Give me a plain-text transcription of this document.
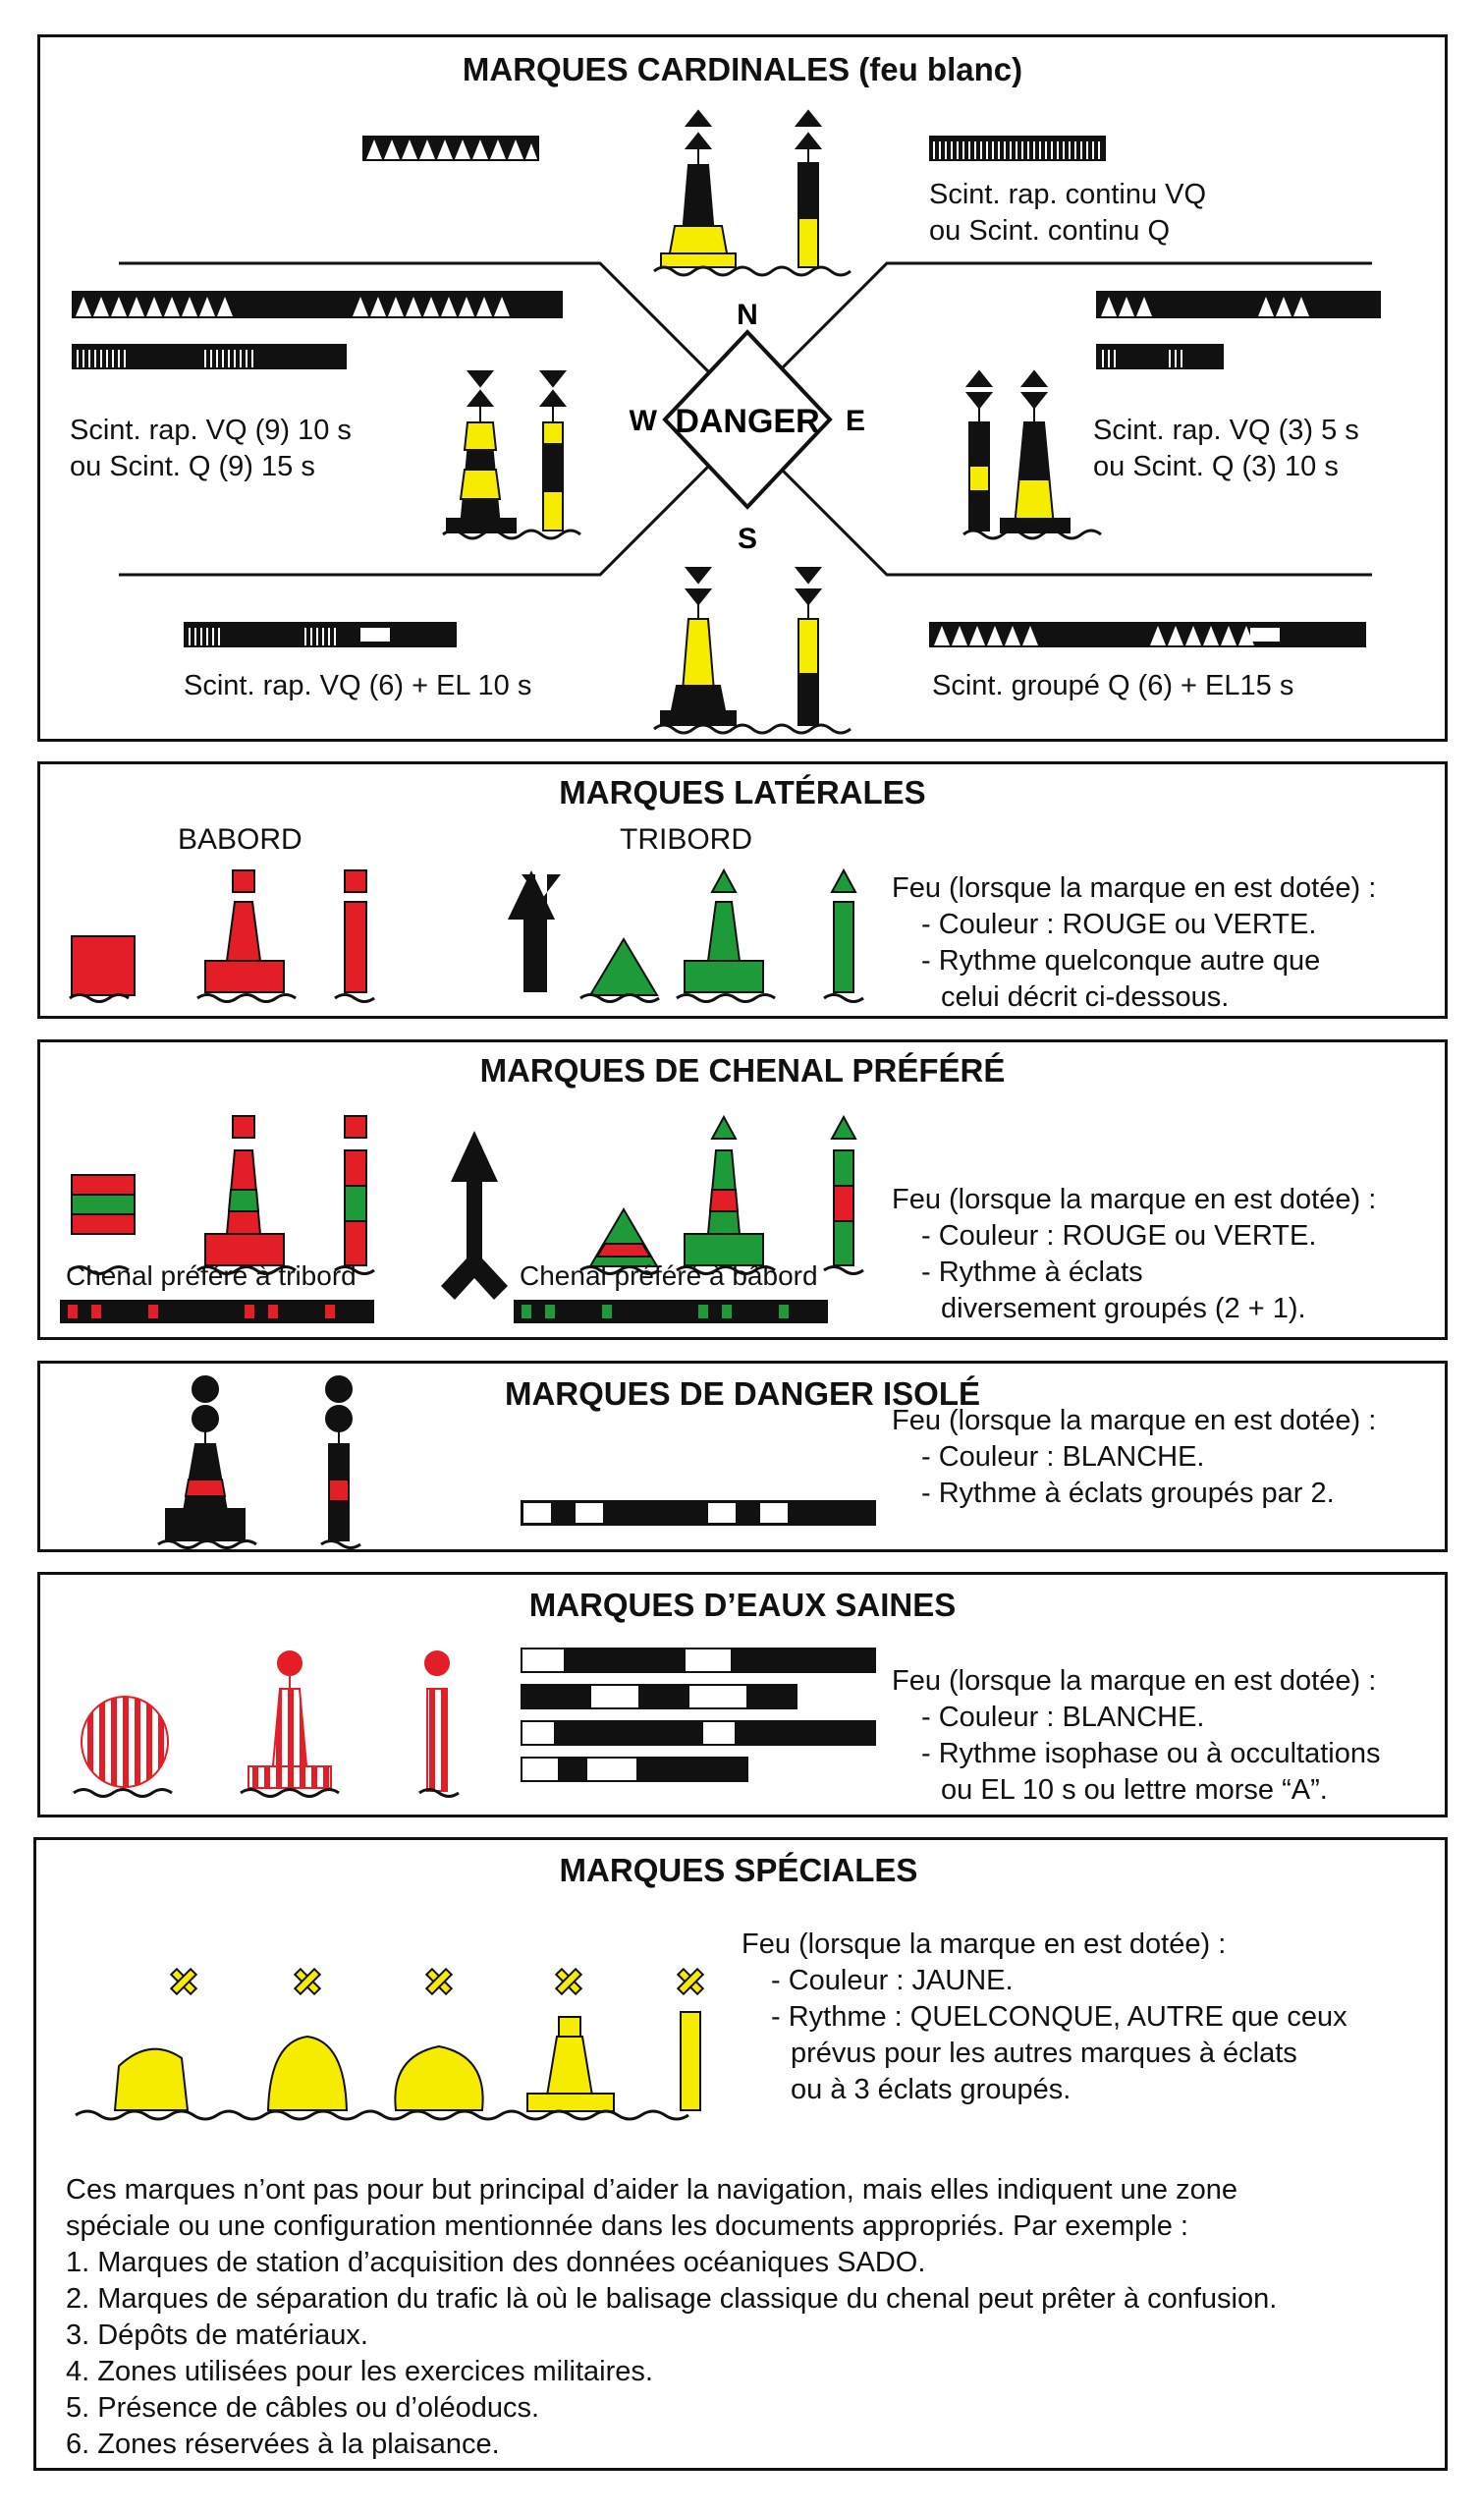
MARQUES CARDINALES (feu blanc)
DANGER
N
S
E
W
Scint. rap. continu VQ
ou Scint. continu Q
Scint. rap. VQ (9) 10 s
ou Scint. Q (9) 15 s
Scint. rap. VQ (3) 5 s
ou Scint. Q (3) 10 s
Scint. rap. VQ (6) + EL 10 s	Scint. groupé Q (6) + EL15 s
MARQUES LATÉRALES
BABORD	TRIBORD
Feu (lorsque la marque en est dotée) :
- Couleur : ROUGE ou VERTE.
- Rythme quelconque autre que
celui décrit ci-dessous.
MARQUES DE CHENAL PRÉFÉRÉ
Chenal préféré à tribord	Chenal préféré à bâbord
Feu (lorsque la marque en est dotée) :
- Couleur : ROUGE ou VERTE.
- Rythme à éclats
diversement groupés (2 + 1).
MARQUES DE DANGER ISOLÉ
Feu (lorsque la marque en est dotée) :
- Couleur : BLANCHE.
- Rythme à éclats groupés par 2.
MARQUES D’EAUX SAINES
Feu (lorsque la marque en est dotée) :
- Couleur : BLANCHE.
- Rythme isophase ou à occultations
ou EL 10 s ou lettre morse “A”.
MARQUES SPÉCIALES
Feu (lorsque la marque en est dotée) :
- Couleur : JAUNE.
- Rythme : QUELCONQUE, AUTRE que ceux
prévus pour les autres marques à éclats
ou à 3 éclats groupés.
Ces marques n’ont pas pour but principal d’aider la navigation, mais elles indiquent une zone
spéciale ou une configuration mentionnée dans les documents appropriés. Par exemple :
1. Marques de station d’acquisition des données océaniques SADO.
2. Marques de séparation du trafic là où le balisage classique du chenal peut prêter à confusion.
3. Dépôts de matériaux.
4. Zones utilisées pour les exercices militaires.
5. Présence de câbles ou d’oléoducs.
6. Zones réservées à la plaisance.
